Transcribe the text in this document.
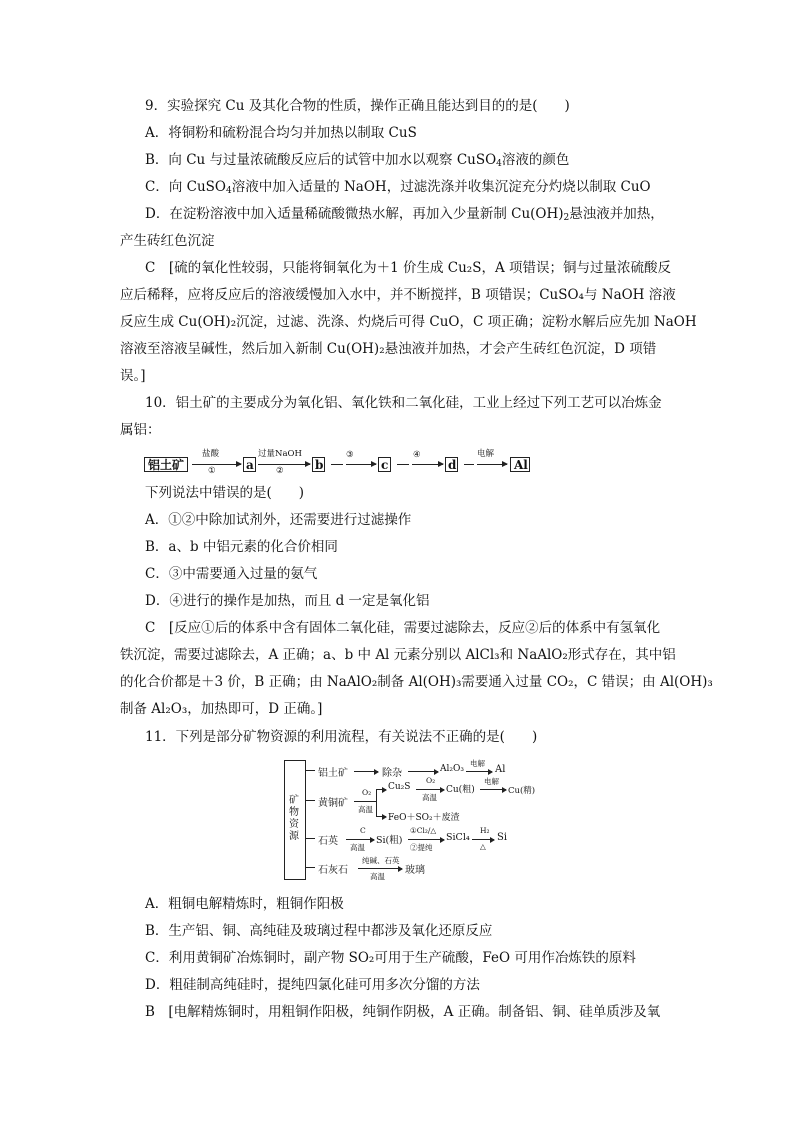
9．实验探究 Cu 及其化合物的性质，操作正确且能达到目的的是(　　)
A．将铜粉和硫粉混合均匀并加热以制取 CuS
B．向 Cu 与过量浓硫酸反应后的试管中加水以观察 CuSO$_4$溶液的颜色
C．向 CuSO$_4$溶液中加入适量的 NaOH，过滤洗涤并收集沉淀充分灼烧以制取 CuO
D．在淀粉溶液中加入适量稀硫酸微热水解，再加入少量新制 $Cu(OH)_2$悬浊液并加热，
产生砖红色沉淀
C　[硫的氧化性较弱，只能将铜氧化为＋1 价生成 Cu₂S，A 项错误；铜与过量浓硫酸反
应后稀释，应将反应后的溶液缓慢加入水中，并不断搅拌，B 项错误；CuSO₄与 NaOH 溶液
反应生成 Cu(OH)₂沉淀，过滤、洗涤、灼烧后可得 CuO，C 项正确；淀粉水解后应先加 NaOH
溶液至溶液呈碱性，然后加入新制 Cu(OH)₂悬浊液并加热，才会产生砖红色沉淀，D 项错
误。]
10．铝土矿的主要成分为氧化铝、氧化铁和二氧化硅，工业上经过下列工艺可以冶炼金
属铝：
铝土矿
盐酸
①	a
过量NaOH
②	b
③
c
④
d
电解
Al
下列说法中错误的是(　　)
A．①②中除加试剂外，还需要进行过滤操作
B．a、b 中铝元素的化合价相同
C．③中需要通入过量的氨气
D．④进行的操作是加热，而且 d 一定是氧化铝
C　[反应①后的体系中含有固体二氧化硅，需要过滤除去，反应②后的体系中有氢氧化
铁沉淀，需要过滤除去，A 正确；a、b 中 Al 元素分别以 AlCl₃和 NaAlO₂形式存在，其中铝
的化合价都是＋3 价，B 正确；由 NaAlO₂制备 Al(OH)₃需要通入过量 CO₂，C 错误；由 Al(OH)₃
制备 Al₂O₃，加热即可，D 正确。]
11．下列是部分矿物资源的利用流程，有关说法不正确的是(　　)
矿物资源
铝土矿	除杂	Al₂O₃
电解
Al
黄铜矿
O₂
高温
Cu₂S
O₂
高温
Cu(粗)
电解
Cu(精)
FeO＋SO₂＋废渣
石英
C
高温
Si(粗)
①Cl₂/△
②提纯
SiCl₄
H₂
△
Si
石灰石
纯碱、石英
高温
玻璃
A．粗铜电解精炼时，粗铜作阳极
B．生产铝、铜、高纯硅及玻璃过程中都涉及氧化还原反应
C．利用黄铜矿冶炼铜时，副产物 SO₂可用于生产硫酸，FeO 可用作冶炼铁的原料
D．粗硅制高纯硅时，提纯四氯化硅可用多次分馏的方法
B　[电解精炼铜时，用粗铜作阳极，纯铜作阴极，A 正确。制备铝、铜、硅单质涉及氧
